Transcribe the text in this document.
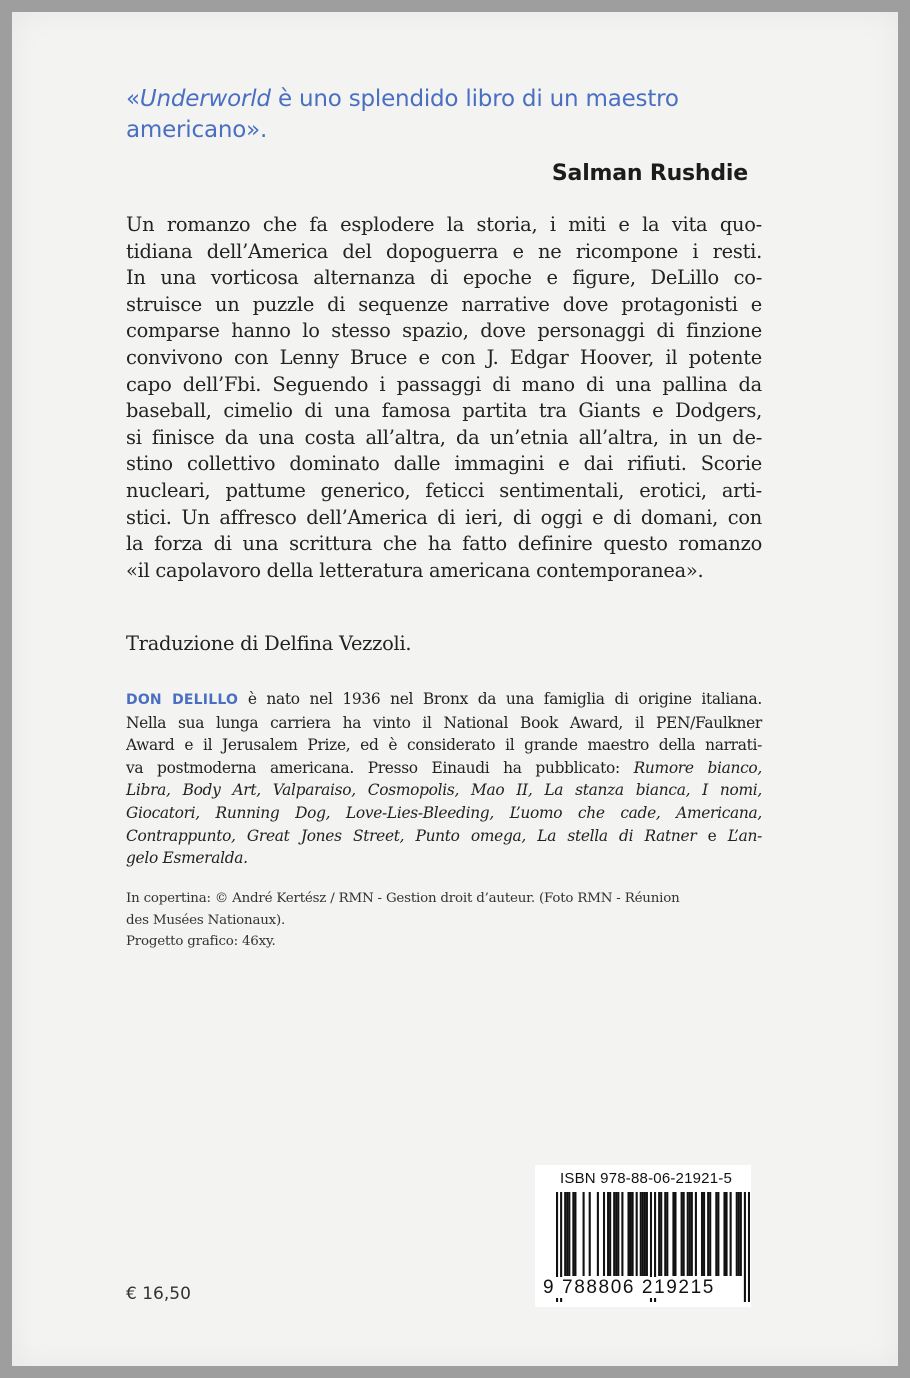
«Underworld è uno splendido libro di un maestro
americano».
Salman Rushdie
Un romanzo che fa esplodere la storia, i miti e la vita quo-
tidiana dell’America del dopoguerra e ne ricompone i resti.
In una vorticosa alternanza di epoche e figure, DeLillo co-
struisce un puzzle di sequenze narrative dove protagonisti e
comparse hanno lo stesso spazio, dove personaggi di finzione
convivono con Lenny Bruce e con J. Edgar Hoover, il potente
capo dell’Fbi. Seguendo i passaggi di mano di una pallina da
baseball, cimelio di una famosa partita tra Giants e Dodgers,
si finisce da una costa all’altra, da un’etnia all’altra, in un de-
stino collettivo dominato dalle immagini e dai rifiuti. Scorie
nucleari, pattume generico, feticci sentimentali, erotici, arti-
stici. Un affresco dell’America di ieri, di oggi e di domani, con
la forza di una scrittura che ha fatto definire questo romanzo
«il capolavoro della letteratura americana contemporanea».
Traduzione di Delfina Vezzoli.
DON DELILLO è nato nel 1936 nel Bronx da una famiglia di origine italiana.
Nella sua lunga carriera ha vinto il National Book Award, il PEN/Faulkner
Award e il Jerusalem Prize, ed è considerato il grande maestro della narrati-
va postmoderna americana. Presso Einaudi ha pubblicato: Rumore bianco,
Libra, Body Art, Valparaiso, Cosmopolis, Mao II, La stanza bianca, I nomi,
Giocatori, Running Dog, Love-Lies-Bleeding, L’uomo che cade, Americana,
Contrappunto, Great Jones Street, Punto omega, La stella di Ratner e L’an-
gelo Esmeralda.
In copertina: © André Kertész / RMN - Gestion droit d’auteur. (Foto RMN - Réunion
des Musées Nationaux).
Progetto grafico: 46xy.
€ 16,50
ISBN 978-88-06-21921-5
9 788806 219215
